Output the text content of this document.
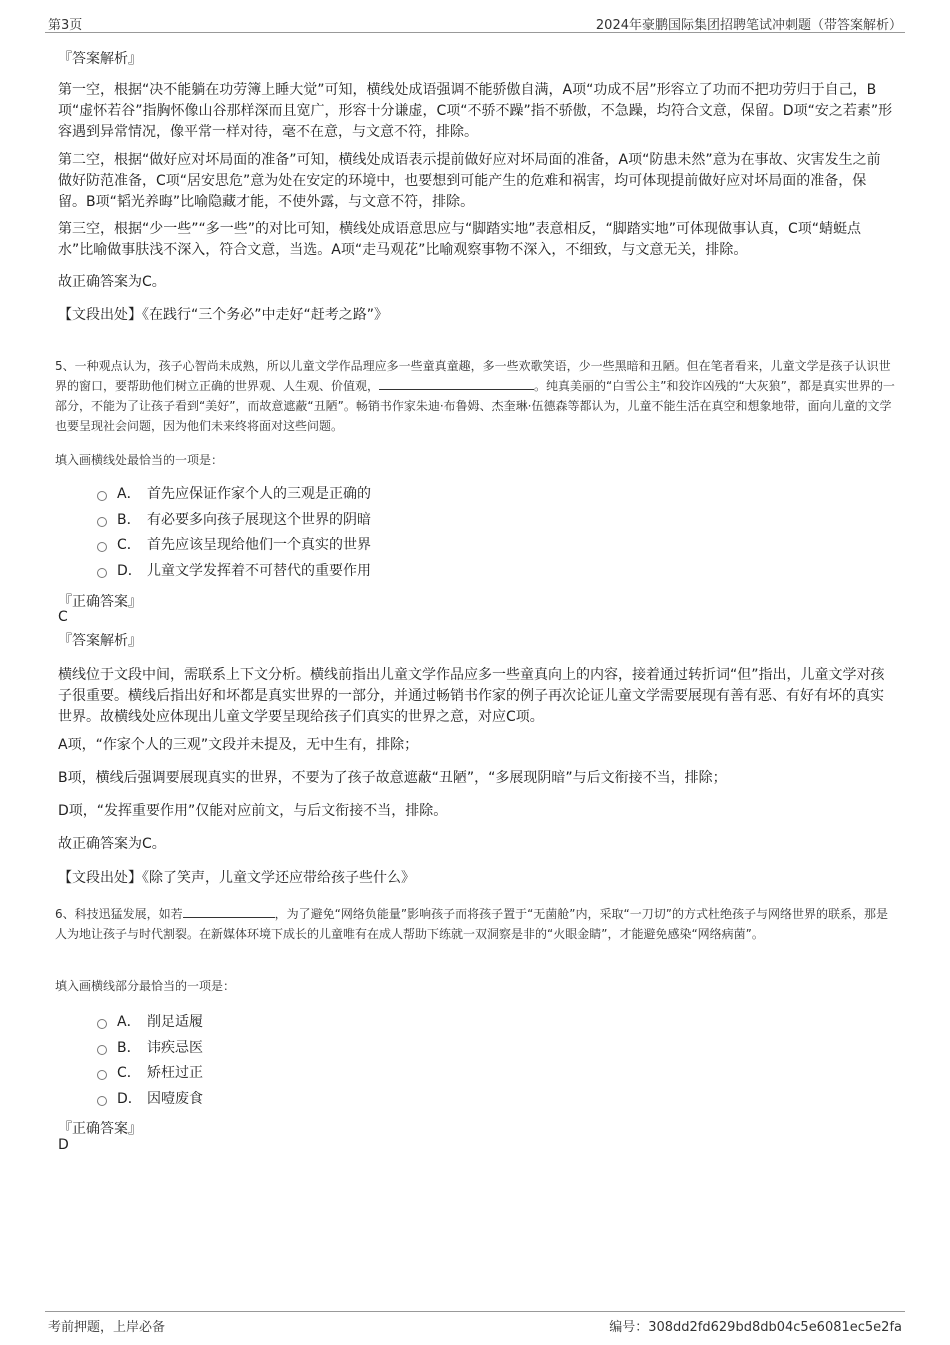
第3页	2024年豪鹏国际集团招聘笔试冲刺题（带答案解析）
『答案解析』
第一空，根据“决不能躺在功劳簿上睡大觉”可知，横线处成语强调不能骄傲自满，A项“功成不居”形容立了功而不把功劳归于自己，B项“虚怀若谷”指胸怀像山谷那样深而且宽广，形容十分谦虚，C项“不骄不躁”指不骄傲，不急躁，均符合文意，保留。D项“安之若素”形容遇到异常情况，像平常一样对待，毫不在意，与文意不符，排除。
第二空，根据“做好应对坏局面的准备”可知，横线处成语表示提前做好应对坏局面的准备，A项“防患未然”意为在事故、灾害发生之前做好防范准备，C项“居安思危”意为处在安定的环境中，也要想到可能产生的危难和祸害，均可体现提前做好应对坏局面的准备，保留。B项“韬光养晦”比喻隐藏才能，不使外露，与文意不符，排除。
第三空，根据“少一些”“多一些”的对比可知，横线处成语意思应与“脚踏实地”表意相反，“脚踏实地”可体现做事认真，C项“蜻蜓点水”比喻做事肤浅不深入，符合文意，当选。A项“走马观花”比喻观察事物不深入，不细致，与文意无关，排除。
故正确答案为C。
【文段出处】《在践行“三个务必”中走好“赶考之路”》
5、一种观点认为，孩子心智尚未成熟，所以儿童文学作品理应多一些童真童趣，多一些欢歌笑语，少一些黑暗和丑陋。但在笔者看来，儿童文学是孩子认识世界的窗口，要帮助他们树立正确的世界观、人生观、价值观，	。纯真美丽的“白雪公主”和狡诈凶残的“大灰狼”，都是真实世界的一部分，不能为了让孩子看到“美好”，而故意遮蔽“丑陋”。畅销书作家朱迪·布鲁姆、杰奎琳·伍德森等都认为，儿童不能生活在真空和想象地带，面向儿童的文学也要呈现社会问题，因为他们未来终将面对这些问题。
填入画横线处最恰当的一项是：
A． 首先应保证作家个人的三观是正确的
B． 有必要多向孩子展现这个世界的阴暗
C． 首先应该呈现给他们一个真实的世界
D． 儿童文学发挥着不可替代的重要作用
『正确答案』
C
『答案解析』
横线位于文段中间，需联系上下文分析。横线前指出儿童文学作品应多一些童真向上的内容，接着通过转折词“但”指出，儿童文学对孩子很重要。横线后指出好和坏都是真实世界的一部分，并通过畅销书作家的例子再次论证儿童文学需要展现有善有恶、有好有坏的真实世界。故横线处应体现出儿童文学要呈现给孩子们真实的世界之意，对应C项。
A项，“作家个人的三观”文段并未提及，无中生有，排除；
B项，横线后强调要展现真实的世界，不要为了孩子故意遮蔽“丑陋”，“多展现阴暗”与后文衔接不当，排除；
D项，“发挥重要作用”仅能对应前文，与后文衔接不当，排除。
故正确答案为C。
【文段出处】《除了笑声，儿童文学还应带给孩子些什么》
6、科技迅猛发展，如若	，为了避免“网络负能量”影响孩子而将孩子置于“无菌舱”内，采取“一刀切”的方式杜绝孩子与网络世界的联系，那是人为地让孩子与时代割裂。在新媒体环境下成长的儿童唯有在成人帮助下练就一双洞察是非的“火眼金睛”，才能避免感染“网络病菌”。
填入画横线部分最恰当的一项是：
A． 削足适履
B． 讳疾忌医
C． 矫枉过正
D． 因噎废食
『正确答案』
D
考前押题，上岸必备	编号：308dd2fd629bd8db04c5e6081ec5e2fa
